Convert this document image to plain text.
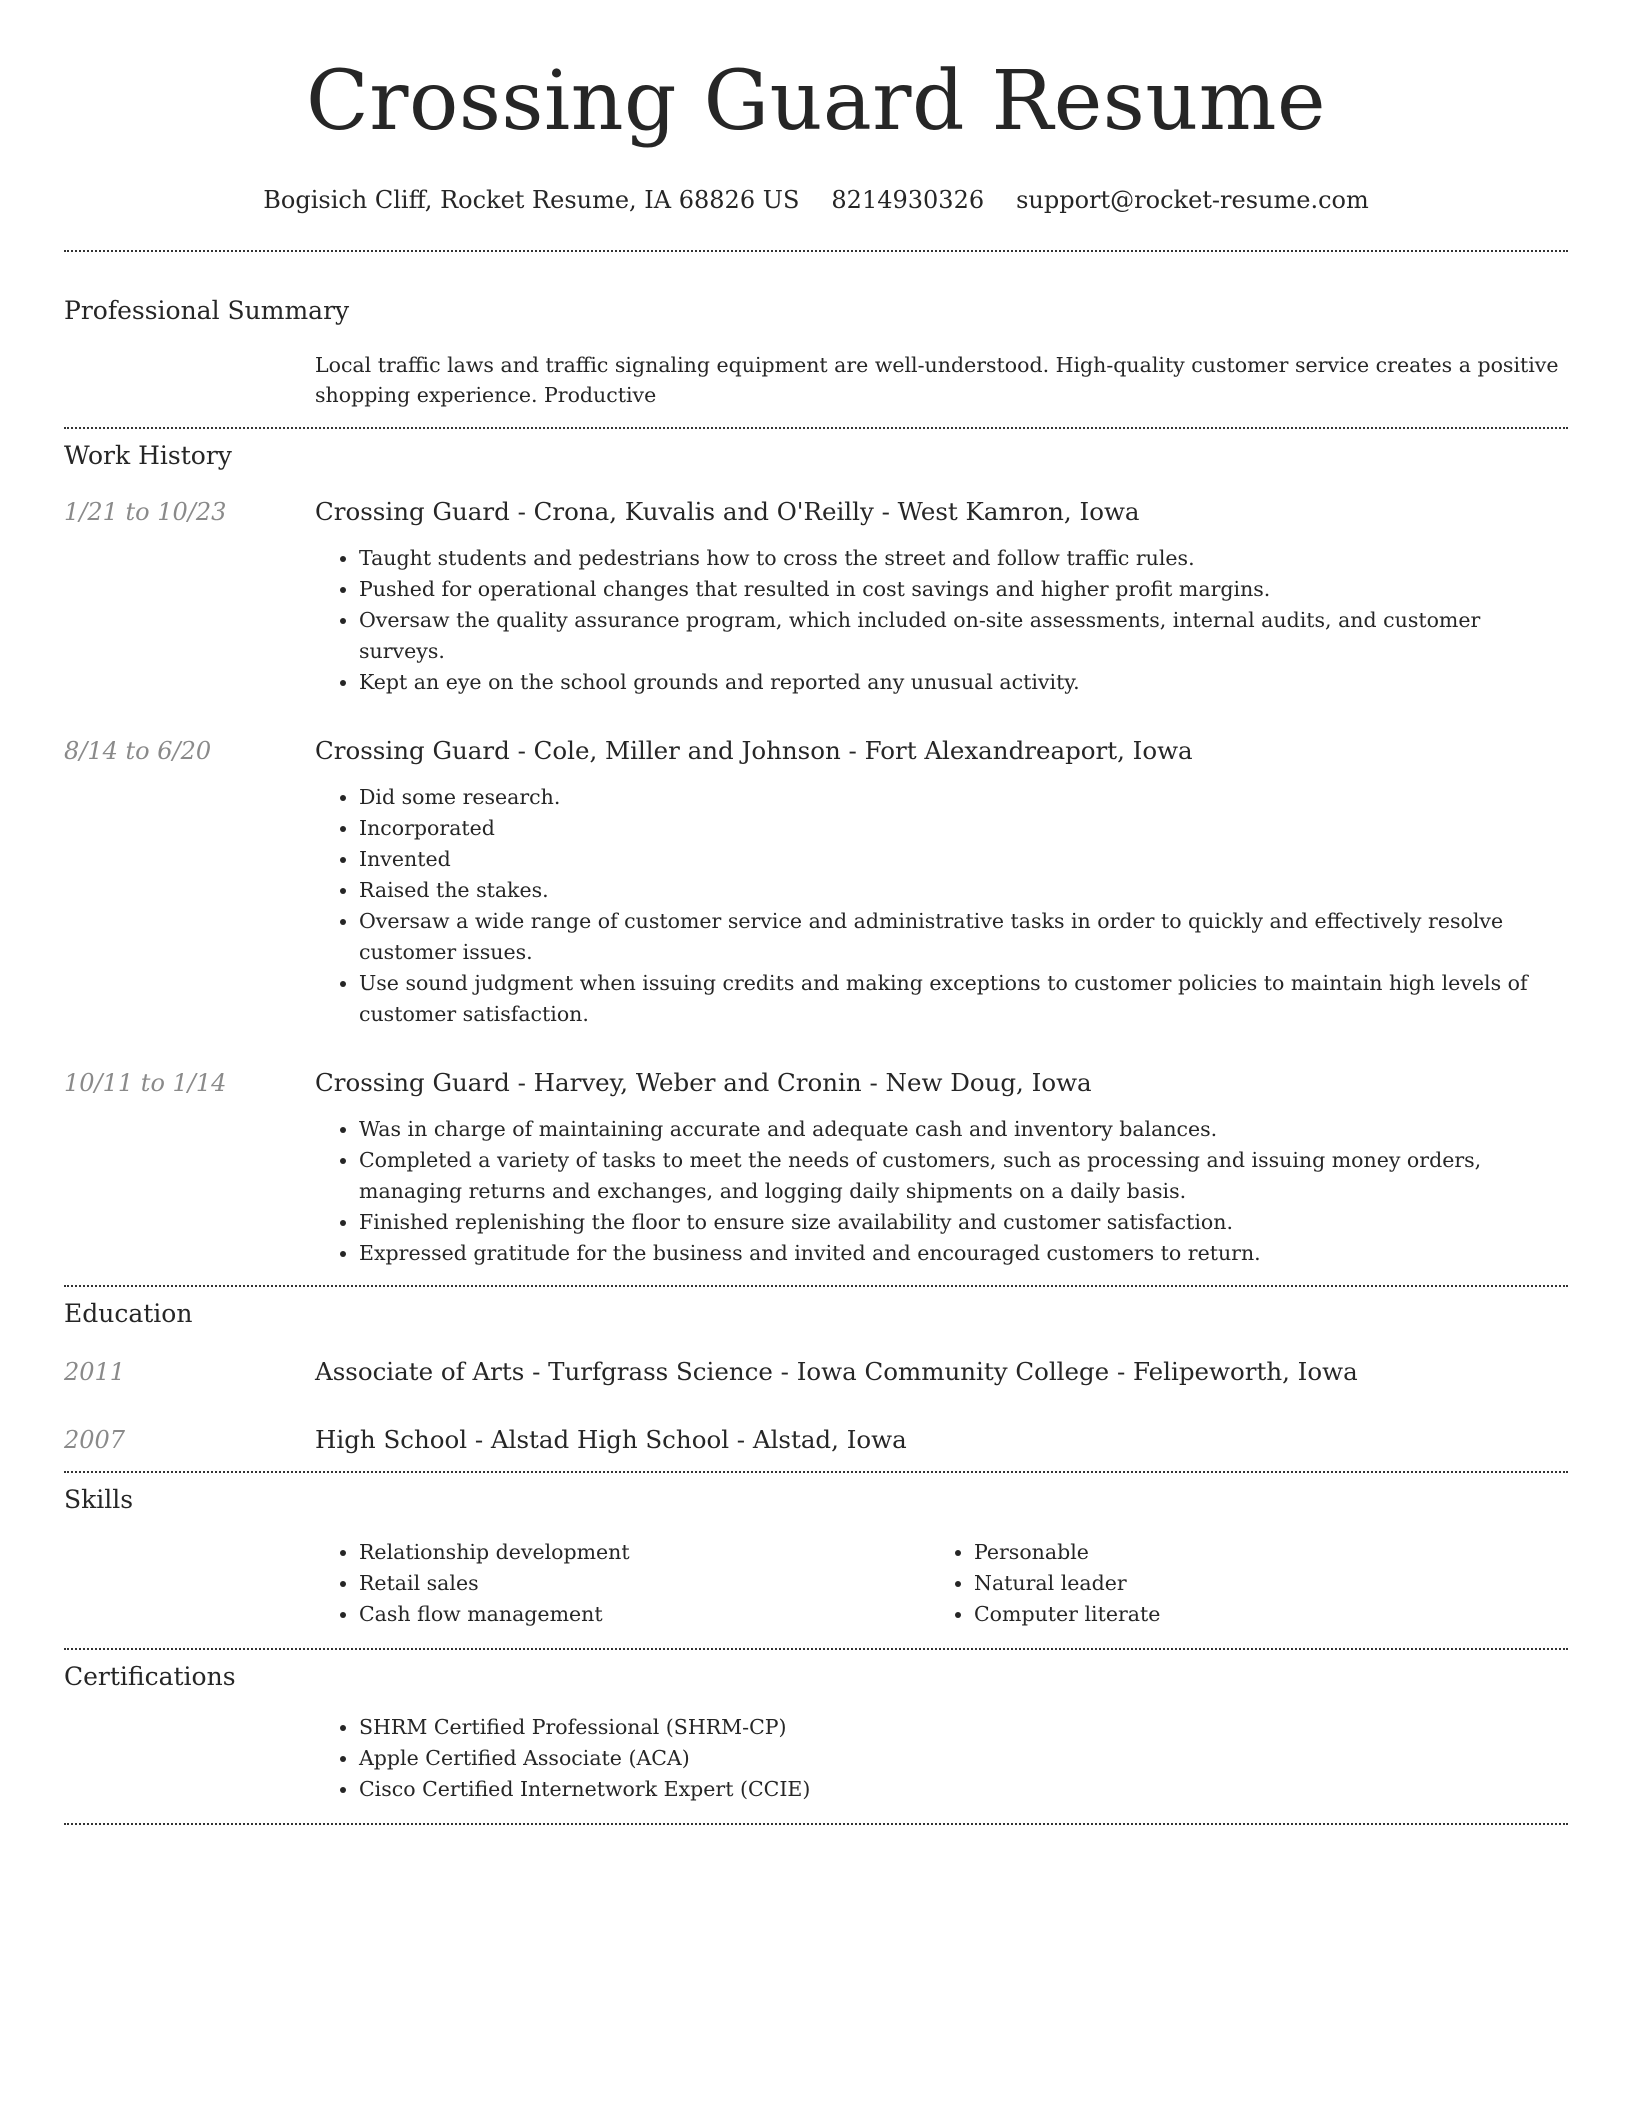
Crossing Guard Resume
Bogisich Cliff, Rocket Resume, IA 68826 US 8214930326 support@rocket-resume.com
Professional Summary
Local traffic laws and traffic signaling equipment are well-understood. High-quality customer service creates a positive shopping experience. Productive
Work History
1/21 to 10/23	Crossing Guard - Crona, Kuvalis and O'Reilly - West Kamron, Iowa
• Taught students and pedestrians how to cross the street and follow traffic rules.
• Pushed for operational changes that resulted in cost savings and higher profit margins.
• Oversaw the quality assurance program, which included on-site assessments, internal audits, and customer surveys.
• Kept an eye on the school grounds and reported any unusual activity.
8/14 to 6/20	Crossing Guard - Cole, Miller and Johnson - Fort Alexandreaport, Iowa
• Did some research.
• Incorporated
• Invented
• Raised the stakes.
• Oversaw a wide range of customer service and administrative tasks in order to quickly and effectively resolve customer issues.
• Use sound judgment when issuing credits and making exceptions to customer policies to maintain high levels of customer satisfaction.
10/11 to 1/14	Crossing Guard - Harvey, Weber and Cronin - New Doug, Iowa
• Was in charge of maintaining accurate and adequate cash and inventory balances.
• Completed a variety of tasks to meet the needs of customers, such as processing and issuing money orders, managing returns and exchanges, and logging daily shipments on a daily basis.
• Finished replenishing the floor to ensure size availability and customer satisfaction.
• Expressed gratitude for the business and invited and encouraged customers to return.
Education
2011	Associate of Arts - Turfgrass Science - Iowa Community College - Felipeworth, Iowa
2007	High School - Alstad High School - Alstad, Iowa
Skills
• Relationship development
• Retail sales
• Cash flow management
• Personable
• Natural leader
• Computer literate
Certifications
• SHRM Certified Professional (SHRM-CP)
• Apple Certified Associate (ACA)
• Cisco Certified Internetwork Expert (CCIE)
